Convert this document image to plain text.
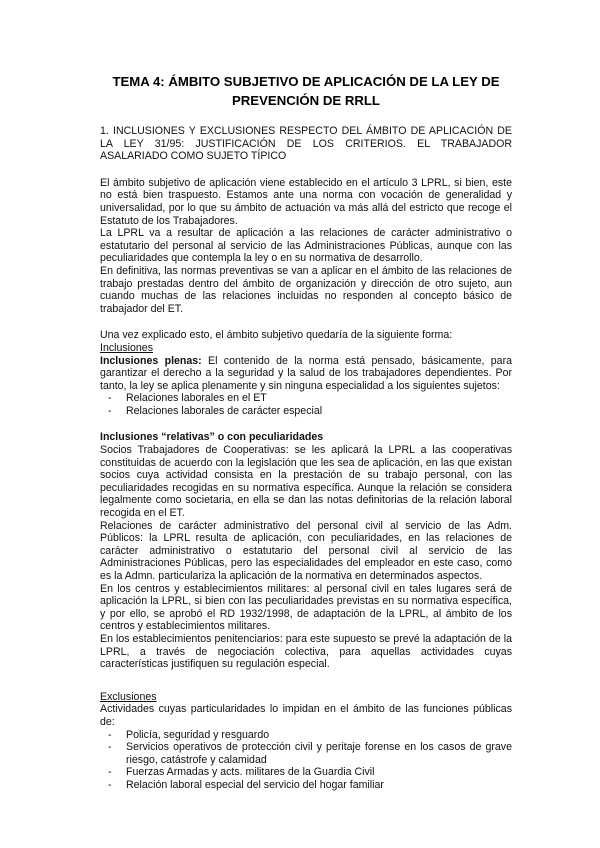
TEMA 4: ÁMBITO SUBJETIVO DE APLICACIÓN DE LA LEY DE PREVENCIÓN DE RRLL

1. INCLUSIONES Y EXCLUSIONES RESPECTO DEL ÁMBITO DE APLICACIÓN DE LA LEY 31/95: JUSTIFICACIÓN DE LOS CRITERIOS. EL TRABAJADOR ASALARIADO COMO SUJETO TÍPICO

El ámbito subjetivo de aplicación viene establecido en el artículo 3 LPRL, si bien, este no está bien traspuesto. Estamos ante una norma con vocación de generalidad y universalidad, por lo que su ámbito de actuación va más allá del estricto que recoge el Estatuto de los Trabajadores.

La LPRL va a resultar de aplicación a las relaciones de carácter administrativo o estatutario del personal al servicio de las Administraciones Públicas, aunque con las peculiaridades que contempla la ley o en su normativa de desarrollo.

En definitiva, las normas preventivas se van a aplicar en el ámbito de las relaciones de trabajo prestadas dentro del ámbito de organización y dirección de otro sujeto, aun cuando muchas de las relaciones incluidas no responden al concepto básico de trabajador del ET.

Una vez explicado esto, el ámbito subjetivo quedaría de la siguiente forma:

Inclusiones

Inclusiones plenas: El contenido de la norma está pensado, básicamente, para garantizar el derecho a la seguridad y la salud de los trabajadores dependientes. Por tanto, la ley se aplica plenamente y sin ninguna especialidad a los siguientes sujetos:

- Relaciones laborales en el ET
- Relaciones laborales de carácter especial

Inclusiones “relativas” o con peculiaridades

Socios Trabajadores de Cooperativas: se les aplicará la LPRL a las cooperativas constituidas de acuerdo con la legislación que les sea de aplicación, en las que existan socios cuya actividad consista en la prestación de su trabajo personal, con las peculiaridades recogidas en su normativa específica. Aunque la relación se considera legalmente como societaria, en ella se dan las notas definitorias de la relación laboral recogida en el ET.

Relaciones de carácter administrativo del personal civil al servicio de las Adm. Públicos: la LPRL resulta de aplicación, con peculiaridades, en las relaciones de carácter administrativo o estatutario del personal civil al servicio de las Administraciones Públicas, pero las especialidades del empleador en este caso, como es la Admn. particulariza la aplicación de la normativa en determinados aspectos.

En los centros y establecimientos militares: al personal civil en tales lugares será de aplicación la LPRL, si bien con las peculiaridades previstas en su normativa específica, y por ello, se aprobó el RD 1932/1998, de adaptación de la LPRL, al ámbito de los centros y establecimientos militares.

En los establecimientos penitenciarios: para este supuesto se prevé la adaptación de la LPRL, a través de negociación colectiva, para aquellas actividades cuyas características justifiquen su regulación especial.

Exclusiones

Actividades cuyas particularidades lo impidan en el ámbito de las funciones públicas de:

- Policía, seguridad y resguardo
- Servicios operativos de protección civil y peritaje forense en los casos de grave riesgo, catástrofe y calamidad
- Fuerzas Armadas y acts. militares de la Guardia Civil
- Relación laboral especial del servicio del hogar familiar
